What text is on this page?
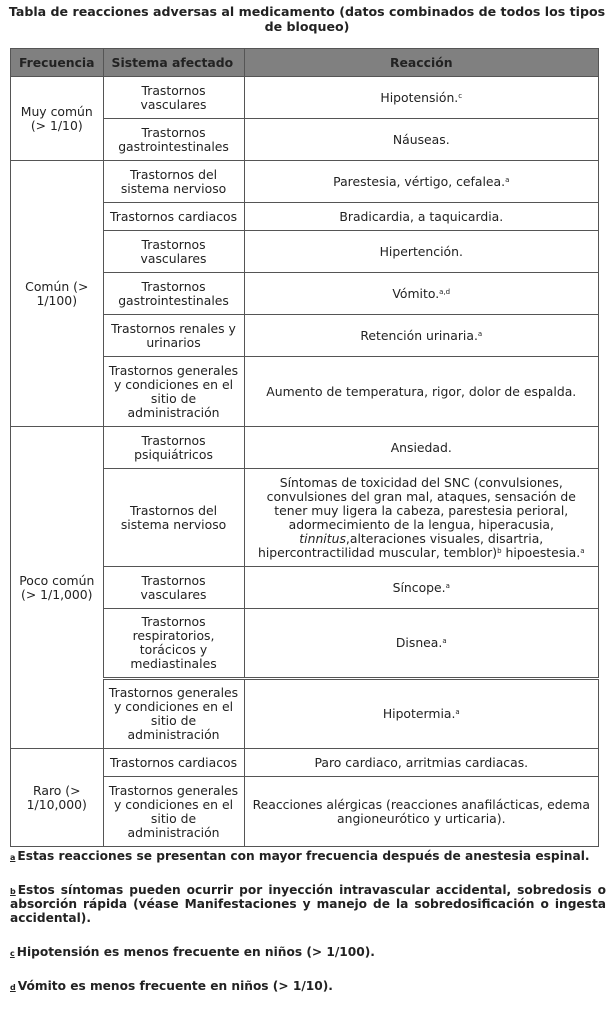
Tabla de reacciones adversas al medicamento (datos combinados de todos los tipos de bloqueo)
Frecuencia	Sistema afectado	Reacción
Muy común (> 1/10)	Trastornos vasculares	Hipotensión.$^c$
	Trastornos gastrointestinales	Náuseas.
Común (> 1/100)	Trastornos del sistema nervioso	Parestesia, vértigo, cefalea.$^a$
	Trastornos cardiacos	Bradicardia, a taquicardia.
	Trastornos vasculares	Hipertención.
	Trastornos gastrointestinales	Vómito.$^{a,d}$
	Trastornos renales y urinarios	Retención urinaria.$^a$
	Trastornos generales y condiciones en el sitio de administración	Aumento de temperatura, rigor, dolor de espalda.
Poco común (> 1/1,000)	Trastornos psiquiátricos	Ansiedad.
	Trastornos del sistema nervioso	Síntomas de toxicidad del SNC (convulsiones, convulsiones del gran mal, ataques, sensación de tener muy ligera la cabeza, parestesia perioral, adormecimiento de la lengua, hiperacusia, tinnitus,alteraciones visuales, disartria, hipercontractilidad muscular, temblor)$^b$ hipoestesia.$^a$
	Trastornos vasculares	Síncope.$^a$
	Trastornos respiratorios, torácicos y mediastinales	Disnea.$^a$
	Trastornos generales y condiciones en el sitio de administración	Hipotermia.$^a$
Raro (> 1/10,000)	Trastornos cardiacos	Paro cardiaco, arritmias cardiacas.
	Trastornos generales y condiciones en el sitio de administración	Reacciones alérgicas (reacciones anafilácticas, edema angioneurótico y urticaria).
$^a$ Estas reacciones se presentan con mayor frecuencia después de anestesia espinal.
$^b$ Estos síntomas pueden ocurrir por inyección intravascular accidental, sobredosis o absorción rápida (véase Manifestaciones y manejo de la sobredosificación o ingesta accidental).
$^c$ Hipotensión es menos frecuente en niños (> 1/100).
$^d$ Vómito es menos frecuente en niños (> 1/10).
